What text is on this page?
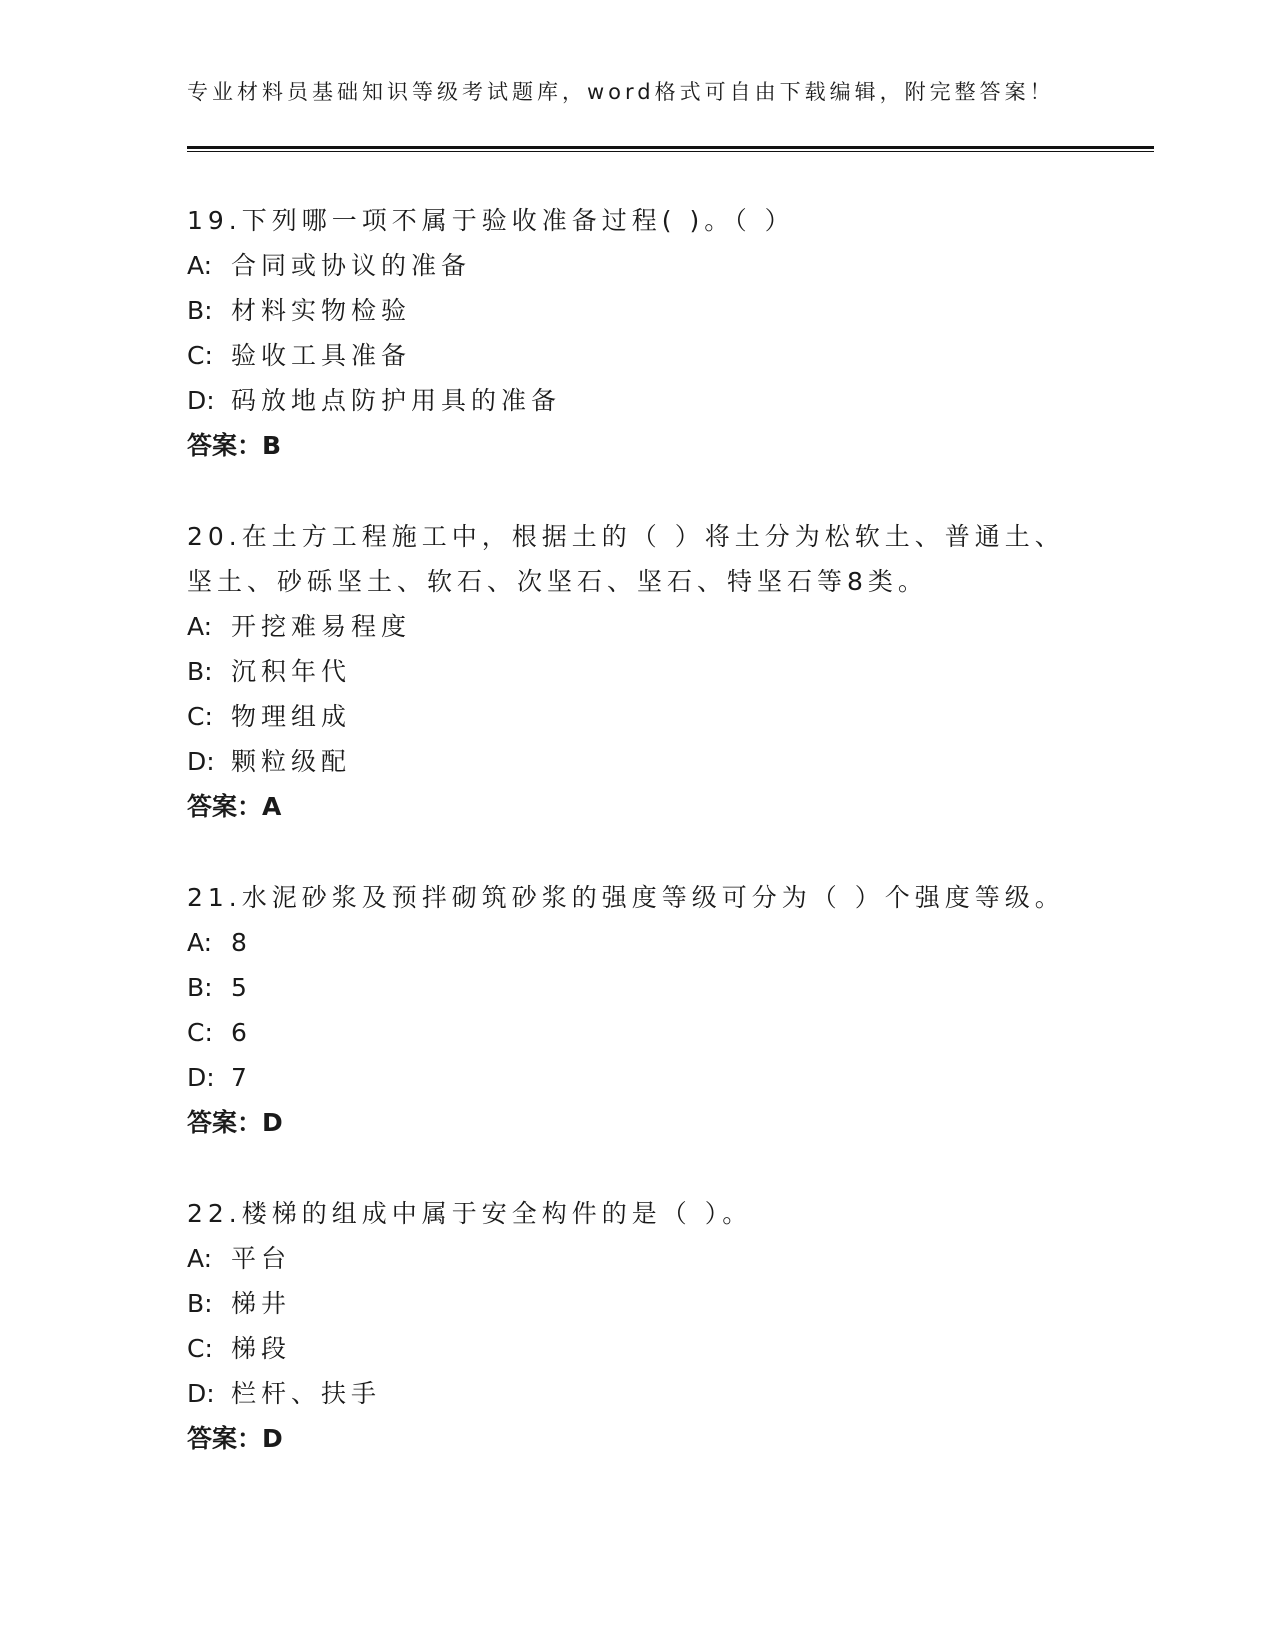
专业材料员基础知识等级考试题库，word格式可自由下载编辑，附完整答案！

19.下列哪一项不属于验收准备过程( )。（ ）

A: 合同或协议的准备
B: 材料实物检验
C: 验收工具准备
D: 码放地点防护用具的准备
答案：B

20.在土方工程施工中，根据土的（ ）将土分为松软土、普通土、坚土、砂砾坚土、软石、次坚石、坚石、特坚石等8类。

A: 开挖难易程度
B: 沉积年代
C: 物理组成
D: 颗粒级配
答案：A

21.水泥砂浆及预拌砌筑砂浆的强度等级可分为（ ）个强度等级。

A: 8
B: 5
C: 6
D: 7
答案：D

22.楼梯的组成中属于安全构件的是（ ）。

A: 平台
B: 梯井
C: 梯段
D: 栏杆、扶手
答案：D
